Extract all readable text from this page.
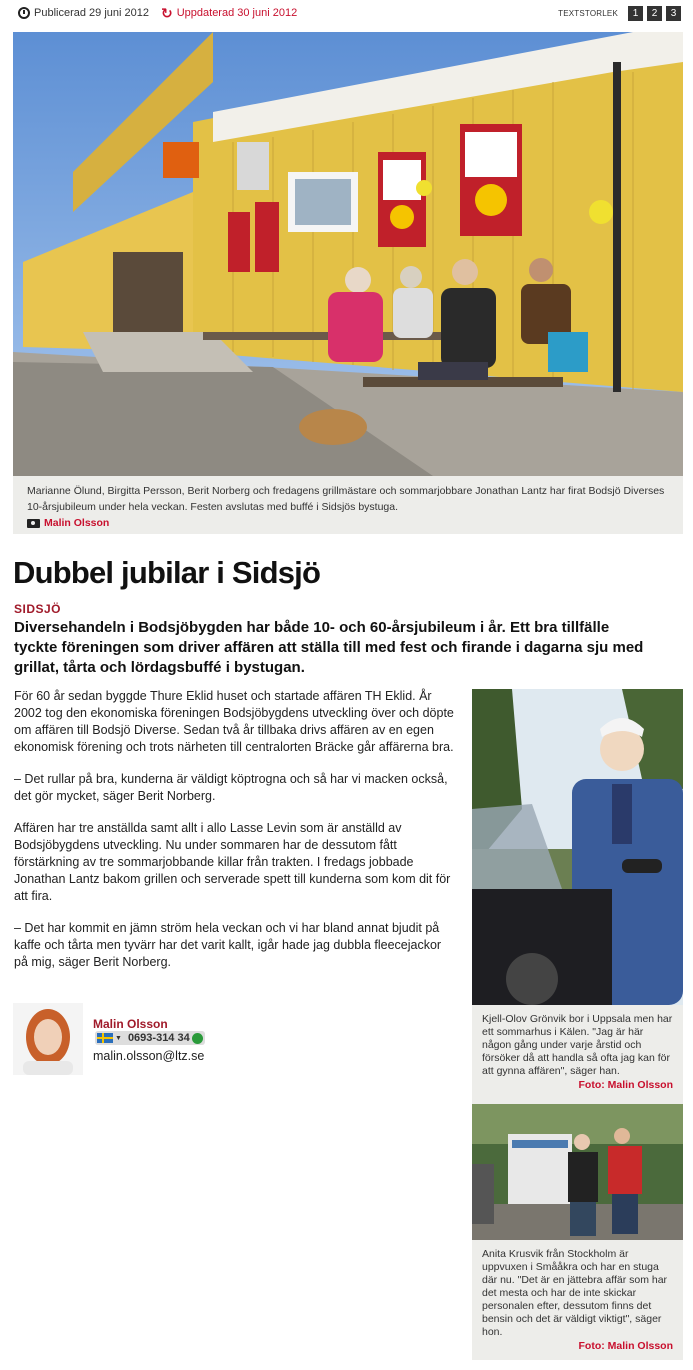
Publicerad 29 juni 2012 ↻ Uppdaterad 30 juni 2012	TEXTSTORLEK	1	2	3
Marianne Ölund, Birgitta Persson, Berit Norberg och fredagens grillmästare och sommarjobbare Jonathan Lantz har firat Bodsjö Diverses 10-årsjubileum under hela veckan. Festen avslutas med buffé i Sidsjös bystuga.
Malin Olsson
Dubbel jubilar i Sidsjö
SIDSJÖ
Diversehandeln i Bodsjöbygden har både 10- och 60-årsjubileum i år. Ett bra tillfälle tyckte föreningen som driver affären att ställa till med fest och firande i dagarna sju med grillat, tårta och lördagsbuffé i bystugan.

För 60 år sedan byggde Thure Eklid huset och startade affären TH Eklid. År 2002 tog den ekonomiska föreningen Bodsjöbygdens utveckling över och döpte om affären till Bodsjö Diverse. Sedan två år tillbaka drivs affären av en egen ekonomisk förening och trots närheten till centralorten Bräcke går affärerna bra.

– Det rullar på bra, kunderna är väldigt köptrogna och så har vi macken också, det gör mycket, säger Berit Norberg.

Affären har tre anställda samt allt i allo Lasse Levin som är anställd av Bodsjöbygdens utveckling. Nu under sommaren har de dessutom fått förstärkning av tre sommarjobbande killar från trakten. I fredags jobbade Jonathan Lantz bakom grillen och serverade spett till kunderna som kom dit för att fira.

– Det har kommit en jämn ström hela veckan och vi har bland annat bjudit på kaffe och tårta men tyvärr har det varit kallt, igår hade jag dubbla fleecejackor på mig, säger Berit Norberg.

Malin Olsson
▼ 0693-314 34
malin.olsson@ltz.se
Kjell-Olov Grönvik bor i Uppsala men har ett sommarhus i Kälen. "Jag är här någon gång under varje årstid och försöker då att handla så ofta jag kan för att gynna affären", säger han.
Foto: Malin Olsson
Anita Krusvik från Stockholm är uppvuxen i Smååkra och har en stuga där nu. "Det är en jättebra affär som har det mesta och har de inte skickar personalen efter, dessutom finns det bensin och det är väldigt viktigt", säger hon.
Foto: Malin Olsson
